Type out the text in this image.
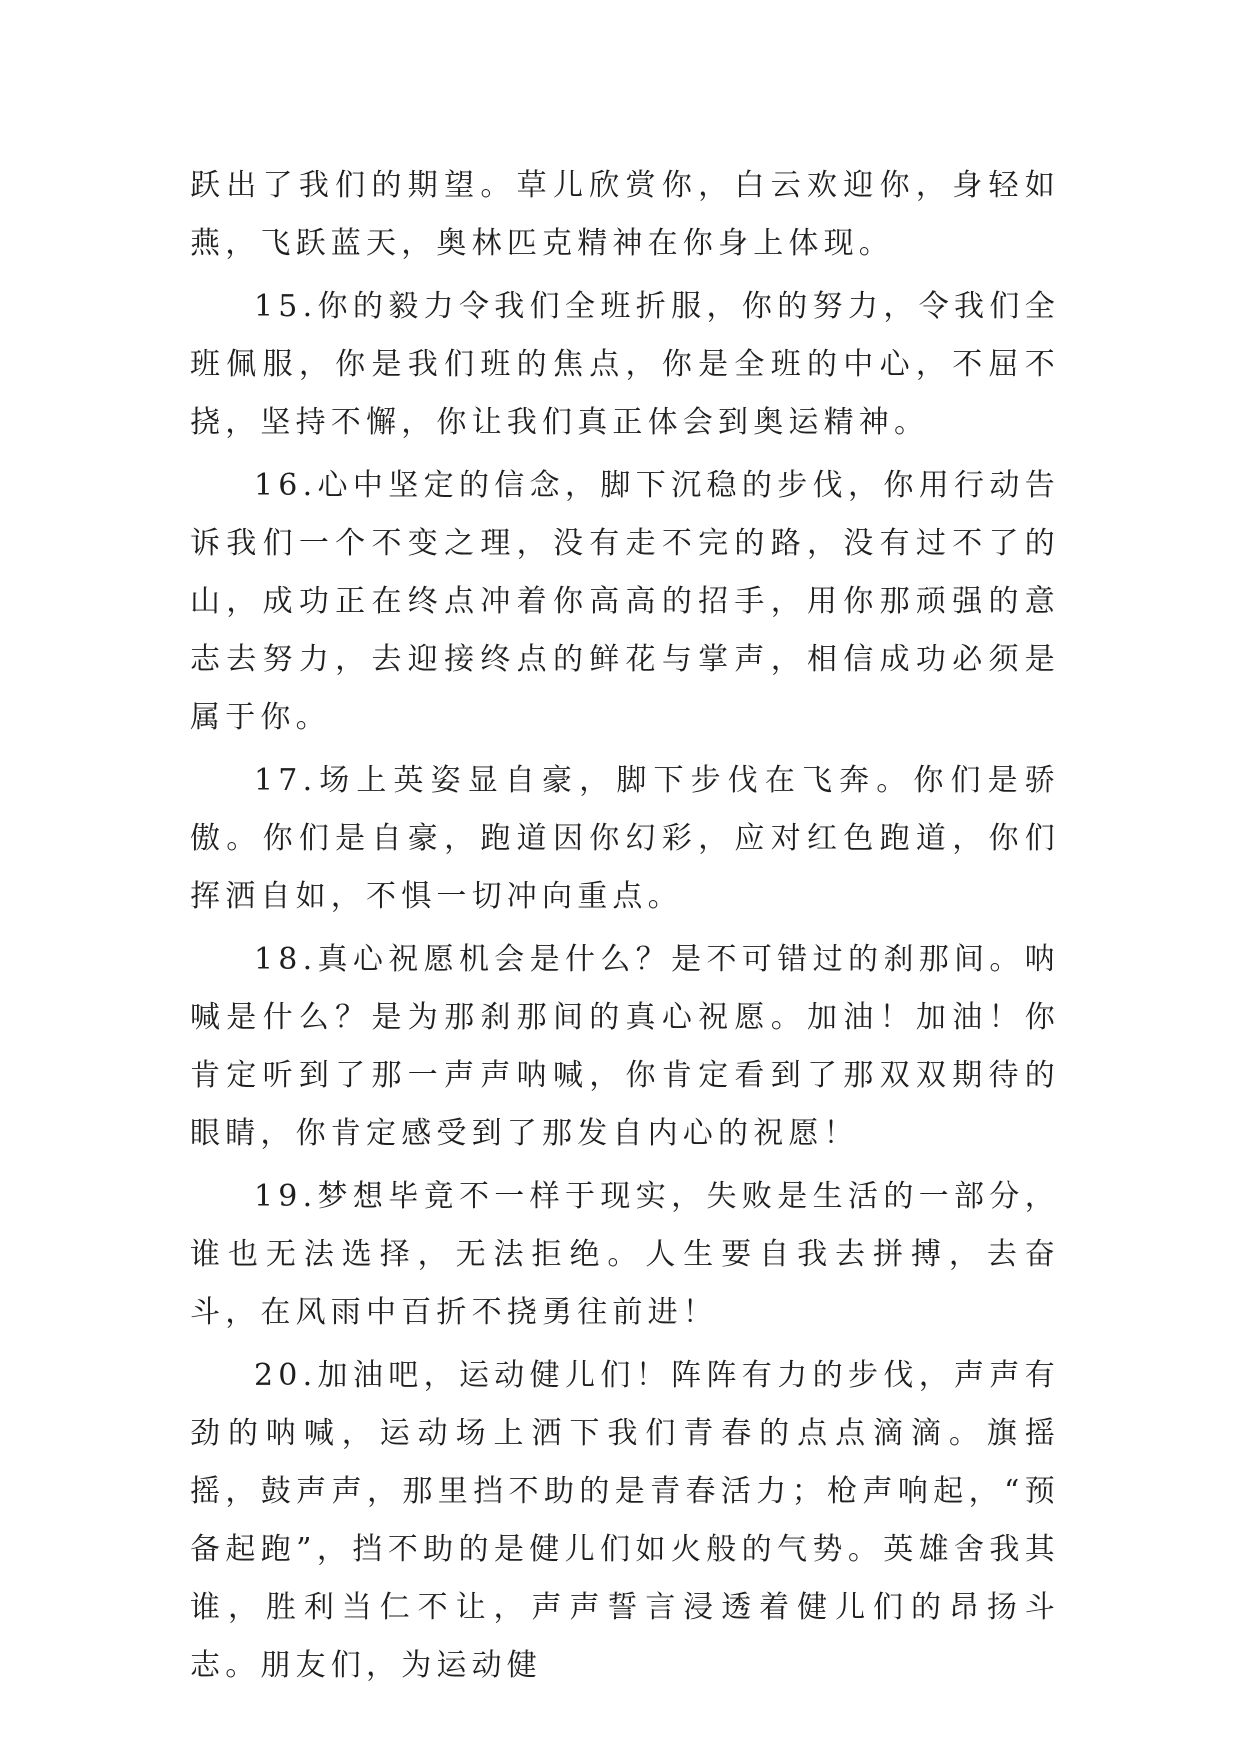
跃出了我们的期望。草儿欣赏你，白云欢迎你，身轻如燕，飞跃蓝天，奥林匹克精神在你身上体现。

15.你的毅力令我们全班折服，你的努力，令我们全班佩服，你是我们班的焦点，你是全班的中心，不屈不挠，坚持不懈，你让我们真正体会到奥运精神。

16.心中坚定的信念，脚下沉稳的步伐，你用行动告诉我们一个不变之理，没有走不完的路，没有过不了的山，成功正在终点冲着你高高的招手，用你那顽强的意志去努力，去迎接终点的鲜花与掌声，相信成功必须是属于你。

17.场上英姿显自豪，脚下步伐在飞奔。你们是骄傲。你们是自豪，跑道因你幻彩，应对红色跑道，你们挥洒自如，不惧一切冲向重点。

18.真心祝愿机会是什么？是不可错过的刹那间。呐喊是什么？是为那刹那间的真心祝愿。加油！加油！你肯定听到了那一声声呐喊，你肯定看到了那双双期待的眼睛，你肯定感受到了那发自内心的祝愿！

19.梦想毕竟不一样于现实，失败是生活的一部分，谁也无法选择，无法拒绝。人生要自我去拼搏，去奋斗，在风雨中百折不挠勇往前进！

20.加油吧，运动健儿们！阵阵有力的步伐，声声有劲的呐喊，运动场上洒下我们青春的点点滴滴。旗摇摇，鼓声声，那里挡不助的是青春活力；枪声响起，“预备起跑”，挡不助的是健儿们如火般的气势。英雄舍我其谁，胜利当仁不让，声声誓言浸透着健儿们的昂扬斗志。朋友们，为运动健
